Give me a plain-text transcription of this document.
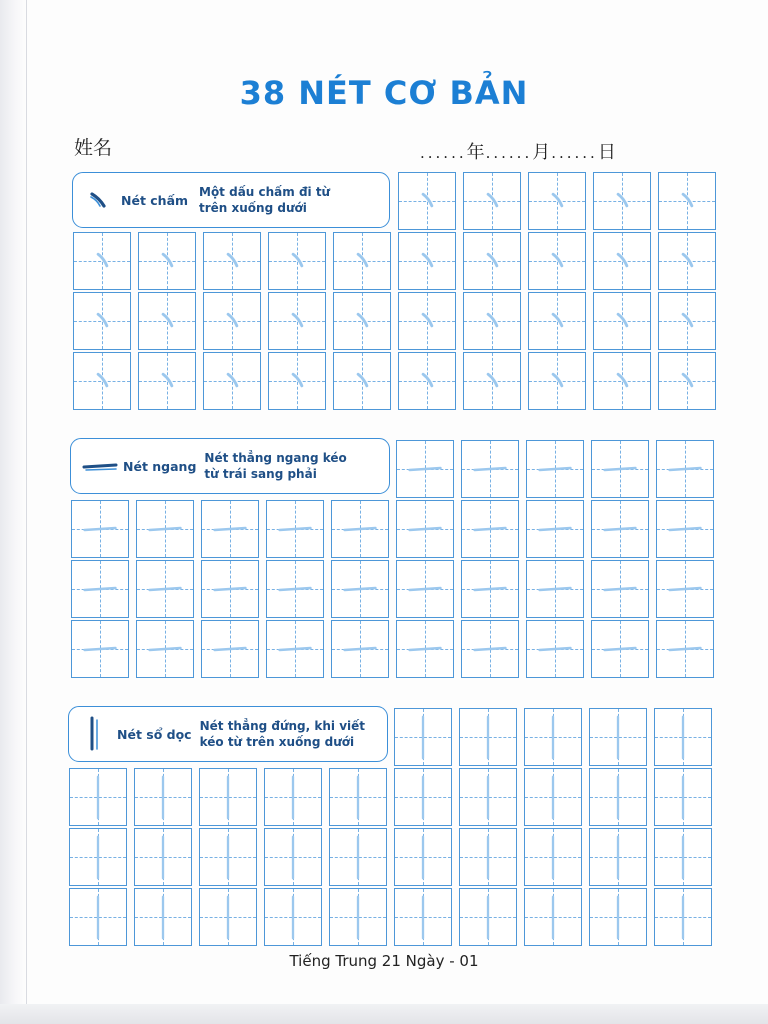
38 NÉT CƠ BẢN
姓名	......年......月......日
Nét chấm
Một dấu chấm đi từ
trên xuống dưới
Nét ngang
Nét thẳng ngang kéo
từ trái sang phải
Nét sổ dọc
Nét thẳng đứng, khi viết
kéo từ trên xuống dưới
Tiếng Trung 21 Ngày - 01
